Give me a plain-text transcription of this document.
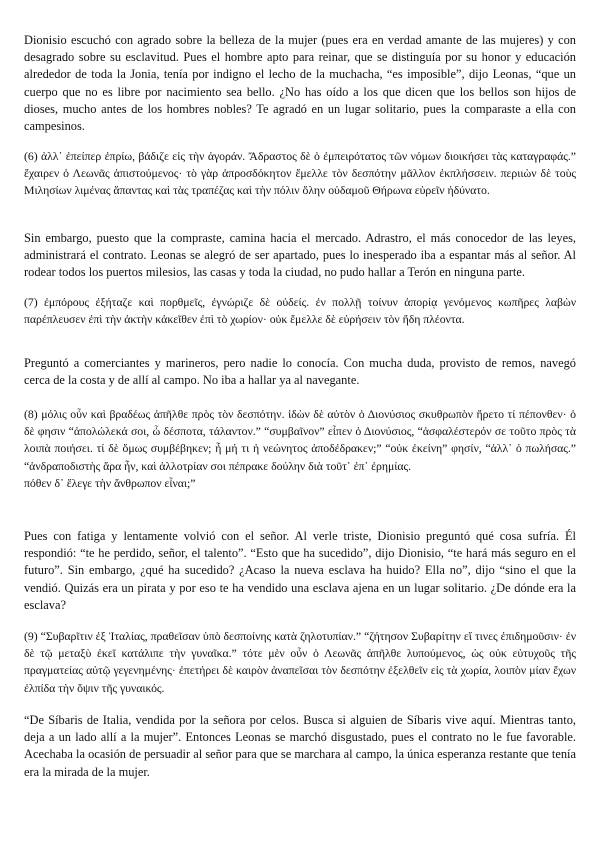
Dionisio escuchó con agrado sobre la belleza de la mujer (pues era en verdad amante de las mujeres) y con desagrado sobre su esclavitud. Pues el hombre apto para reinar, que se distinguía por su honor y educación alrededor de toda la Jonia, tenía por indigno el lecho de la muchacha, “es imposible”, dijo Leonas, “que un cuerpo que no es libre por nacimiento sea bello. ¿No has oído a los que dicen que los bellos son hijos de dioses, mucho antes de los hombres nobles? Te agradó en un lugar solitario, pues la comparaste a ella con campesinos.

(6) ἀλλ᾽ ἐπείπερ ἐπρίω, βάδιζε εἰς τὴν ἀγοράν. Ἄδραστος δὲ ὁ ἐμπειρότατος τῶν νόμων διοικήσει τὰς καταγραφάς.” ἔχαιρεν ὁ Λεωνᾶς ἀπιστούμενος· τὸ γὰρ ἀπροσδόκητον ἔμελλε τὸν δεσπότην μᾶλλον ἐκπλήσσειν. περιιὼν δὲ τοὺς Μιλησίων λιμένας ἅπαντας καὶ τὰς τραπέζας καὶ τὴν πόλιν ὅλην οὐδαμοῦ Θήρωνα εὑρεῖν ἠδύνατο.

Sin embargo, puesto que la compraste, camina hacia el mercado. Adrastro, el más conocedor de las leyes, administrará el contrato. Leonas se alegró de ser apartado, pues lo inesperado iba a espantar más al señor. Al rodear todos los puertos milesios, las casas y toda la ciudad, no pudo hallar a Terón en ninguna parte.

(7) ἐμπόρους ἐξήταζε καὶ πορθμεῖς, ἐγνώριζε δὲ οὐδείς. ἐν πολλῇ τοίνυν ἀπορίᾳ γενόμενος κωπῆρες λαβὼν παρέπλευσεν ἐπὶ τὴν ἀκτὴν κἀκεῖθεν ἐπὶ τὸ χωρίον· οὐκ ἔμελλε δὲ εὑρήσειν τὸν ἤδη πλέοντα.

Preguntó a comerciantes y marineros, pero nadie lo conocía. Con mucha duda, provisto de remos, navegó cerca de la costa y de allí al campo. No iba a hallar ya al navegante.

(8) μόλις οὖν καὶ βραδέως ἀπῆλθε πρὸς τὸν δεσπότην. ἰδὼν δὲ αὐτὸν ὁ Διονύσιος σκυθρωπὸν ἤρετο τί πέπονθεν· ὁ δὲ φησιν “ἀπολώλεκά σοι, ὦ δέσποτα, τάλαντον.” “συμβαῖνον” εἶπεν ὁ Διονύσιος, “ἀσφαλέστερόν σε τοῦτο πρὸς τὰ λοιπὰ ποιήσει. τί δὲ ὅμως συμβέβηκεν; ἦ μή τι ἡ νεώνητος ἀποδέδρακεν;” “οὐκ ἐκείνη” φησίν, “ἀλλ᾽ ὁ πωλήσας.” “ἀνδραποδιστὴς ἄρα ἦν, καὶ ἀλλοτρίαν σοι πέπρακε δούλην διὰ τοῦτ᾽ ἐπ᾽ ἐρημίας.
πόθεν δ᾽ ἔλεγε τὴν ἄνθρωπον εἶναι;”

Pues con fatiga y lentamente volvió con el señor. Al verle triste, Dionisio preguntó qué cosa sufría. Él respondió: “te he perdido, señor, el talento”. “Esto que ha sucedido”, dijo Dionisio, “te hará más seguro en el futuro”. Sin embargo, ¿qué ha sucedido? ¿Acaso la nueva esclava ha huido? Ella no”, dijo “sino el que la vendió. Quizás era un pirata y por eso te ha vendido una esclava ajena en un lugar solitario. ¿De dónde era la esclava?

(9) “Συβαρῖτιν ἐξ Ἰταλίας, πραθεῖσαν ὑπὸ δεσποίνης κατὰ ζηλοτυπίαν.” “ζήτησον Συβαρίτην εἴ τινες ἐπιδημοῦσιν· ἐν δὲ τῷ μεταξὺ ἐκεῖ κατάλιπε τὴν γυναῖκα.” τότε μὲν οὖν ὁ Λεωνᾶς ἀπῆλθε λυπούμενος, ὡς οὐκ εὐτυχοῦς τῆς πραγματείας αὐτῷ γεγενημένης· ἐπετήρει δὲ καιρὸν ἀναπεῖσαι τὸν δεσπότην ἐξελθεῖν εἰς τὰ χωρία, λοιπὸν μίαν ἔχων ἐλπίδα τὴν ὄψιν τῆς γυναικός.

“De Síbaris de Italia, vendida por la señora por celos. Busca si alguien de Síbaris vive aquí. Mientras tanto, deja a un lado allí a la mujer”. Entonces Leonas se marchó disgustado, pues el contrato no le fue favorable. Acechaba la ocasión de persuadir al señor para que se marchara al campo, la única esperanza restante que tenía era la mirada de la mujer.
